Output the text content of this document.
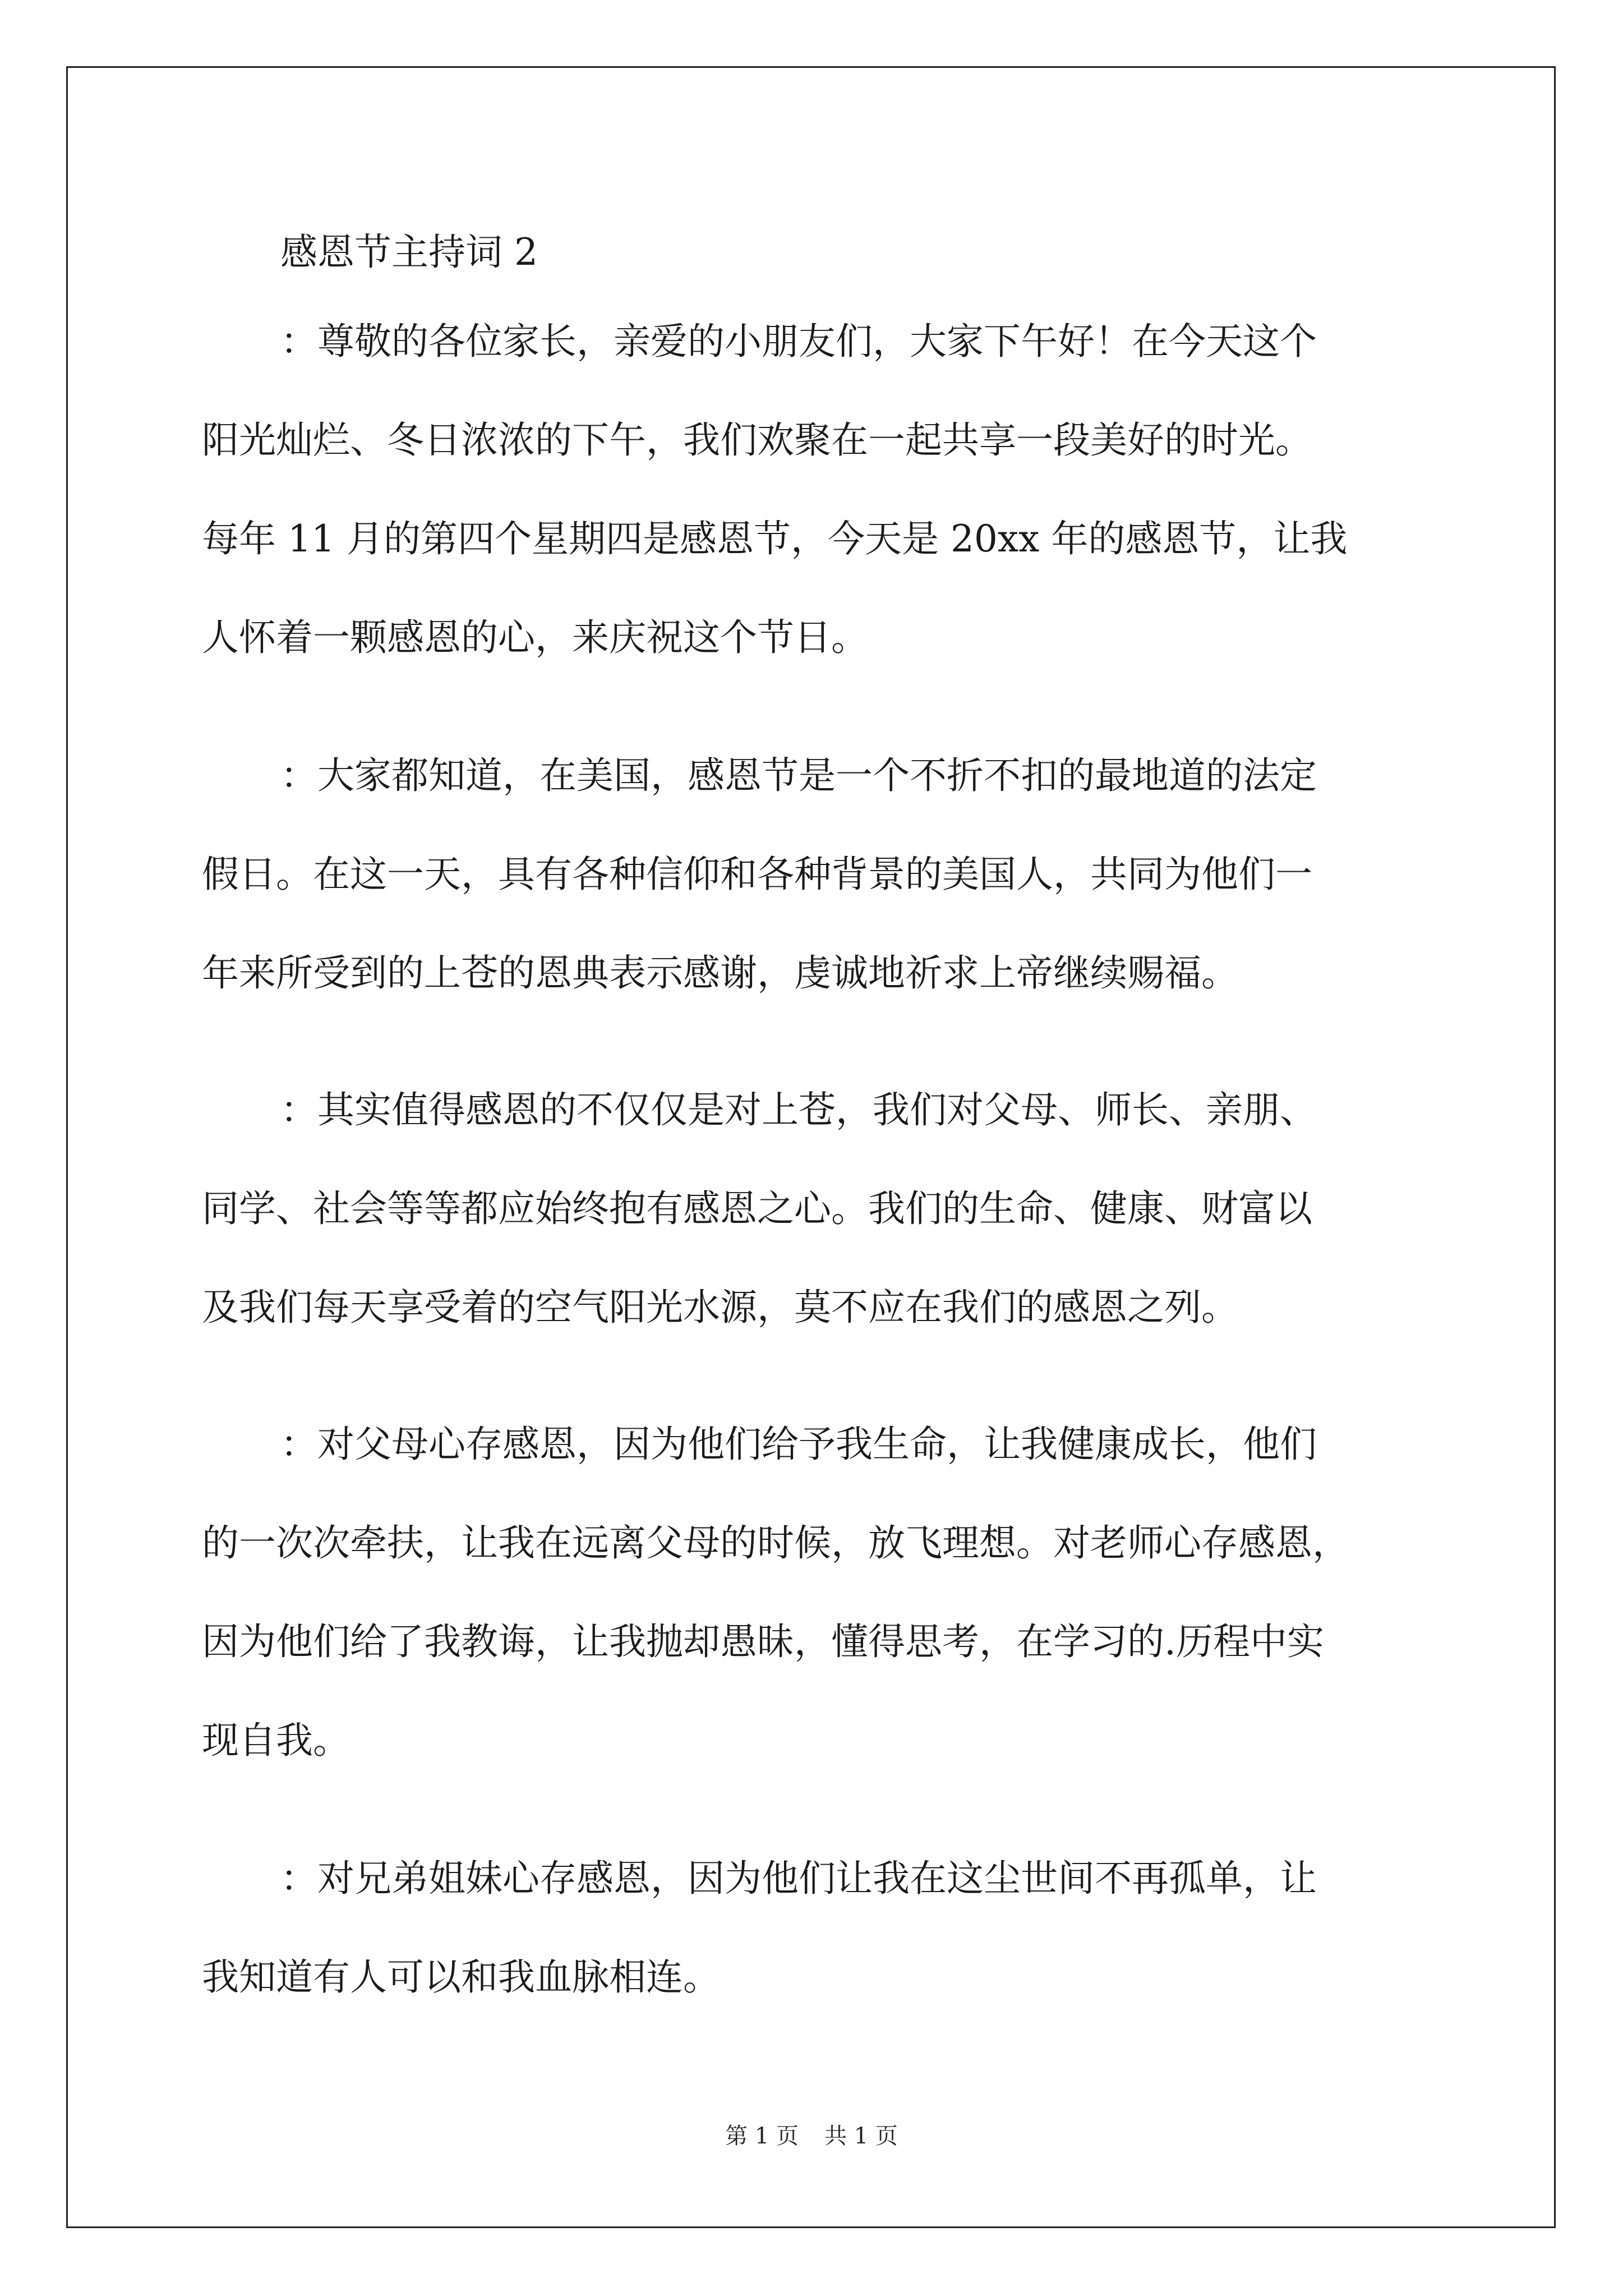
感恩节主持词 2
：尊敬的各位家长，亲爱的小朋友们，大家下午好！在今天这个
阳光灿烂、冬日浓浓的下午，我们欢聚在一起共享一段美好的时光。
每年 11 月的第四个星期四是感恩节，今天是 20xx 年的感恩节，让我
人怀着一颗感恩的心，来庆祝这个节日。
：大家都知道，在美国，感恩节是一个不折不扣的最地道的法定
假日。在这一天，具有各种信仰和各种背景的美国人，共同为他们一
年来所受到的上苍的恩典表示感谢，虔诚地祈求上帝继续赐福。
：其实值得感恩的不仅仅是对上苍，我们对父母、师长、亲朋、
同学、社会等等都应始终抱有感恩之心。我们的生命、健康、财富以
及我们每天享受着的空气阳光水源，莫不应在我们的感恩之列。
：对父母心存感恩，因为他们给予我生命，让我健康成长，他们
的一次次牵扶，让我在远离父母的时候，放飞理想。对老师心存感恩，
因为他们给了我教诲，让我抛却愚昧，懂得思考，在学习的.历程中实
现自我。
：对兄弟姐妹心存感恩，因为他们让我在这尘世间不再孤单，让
我知道有人可以和我血脉相连。
第 1 页 共 1 页
